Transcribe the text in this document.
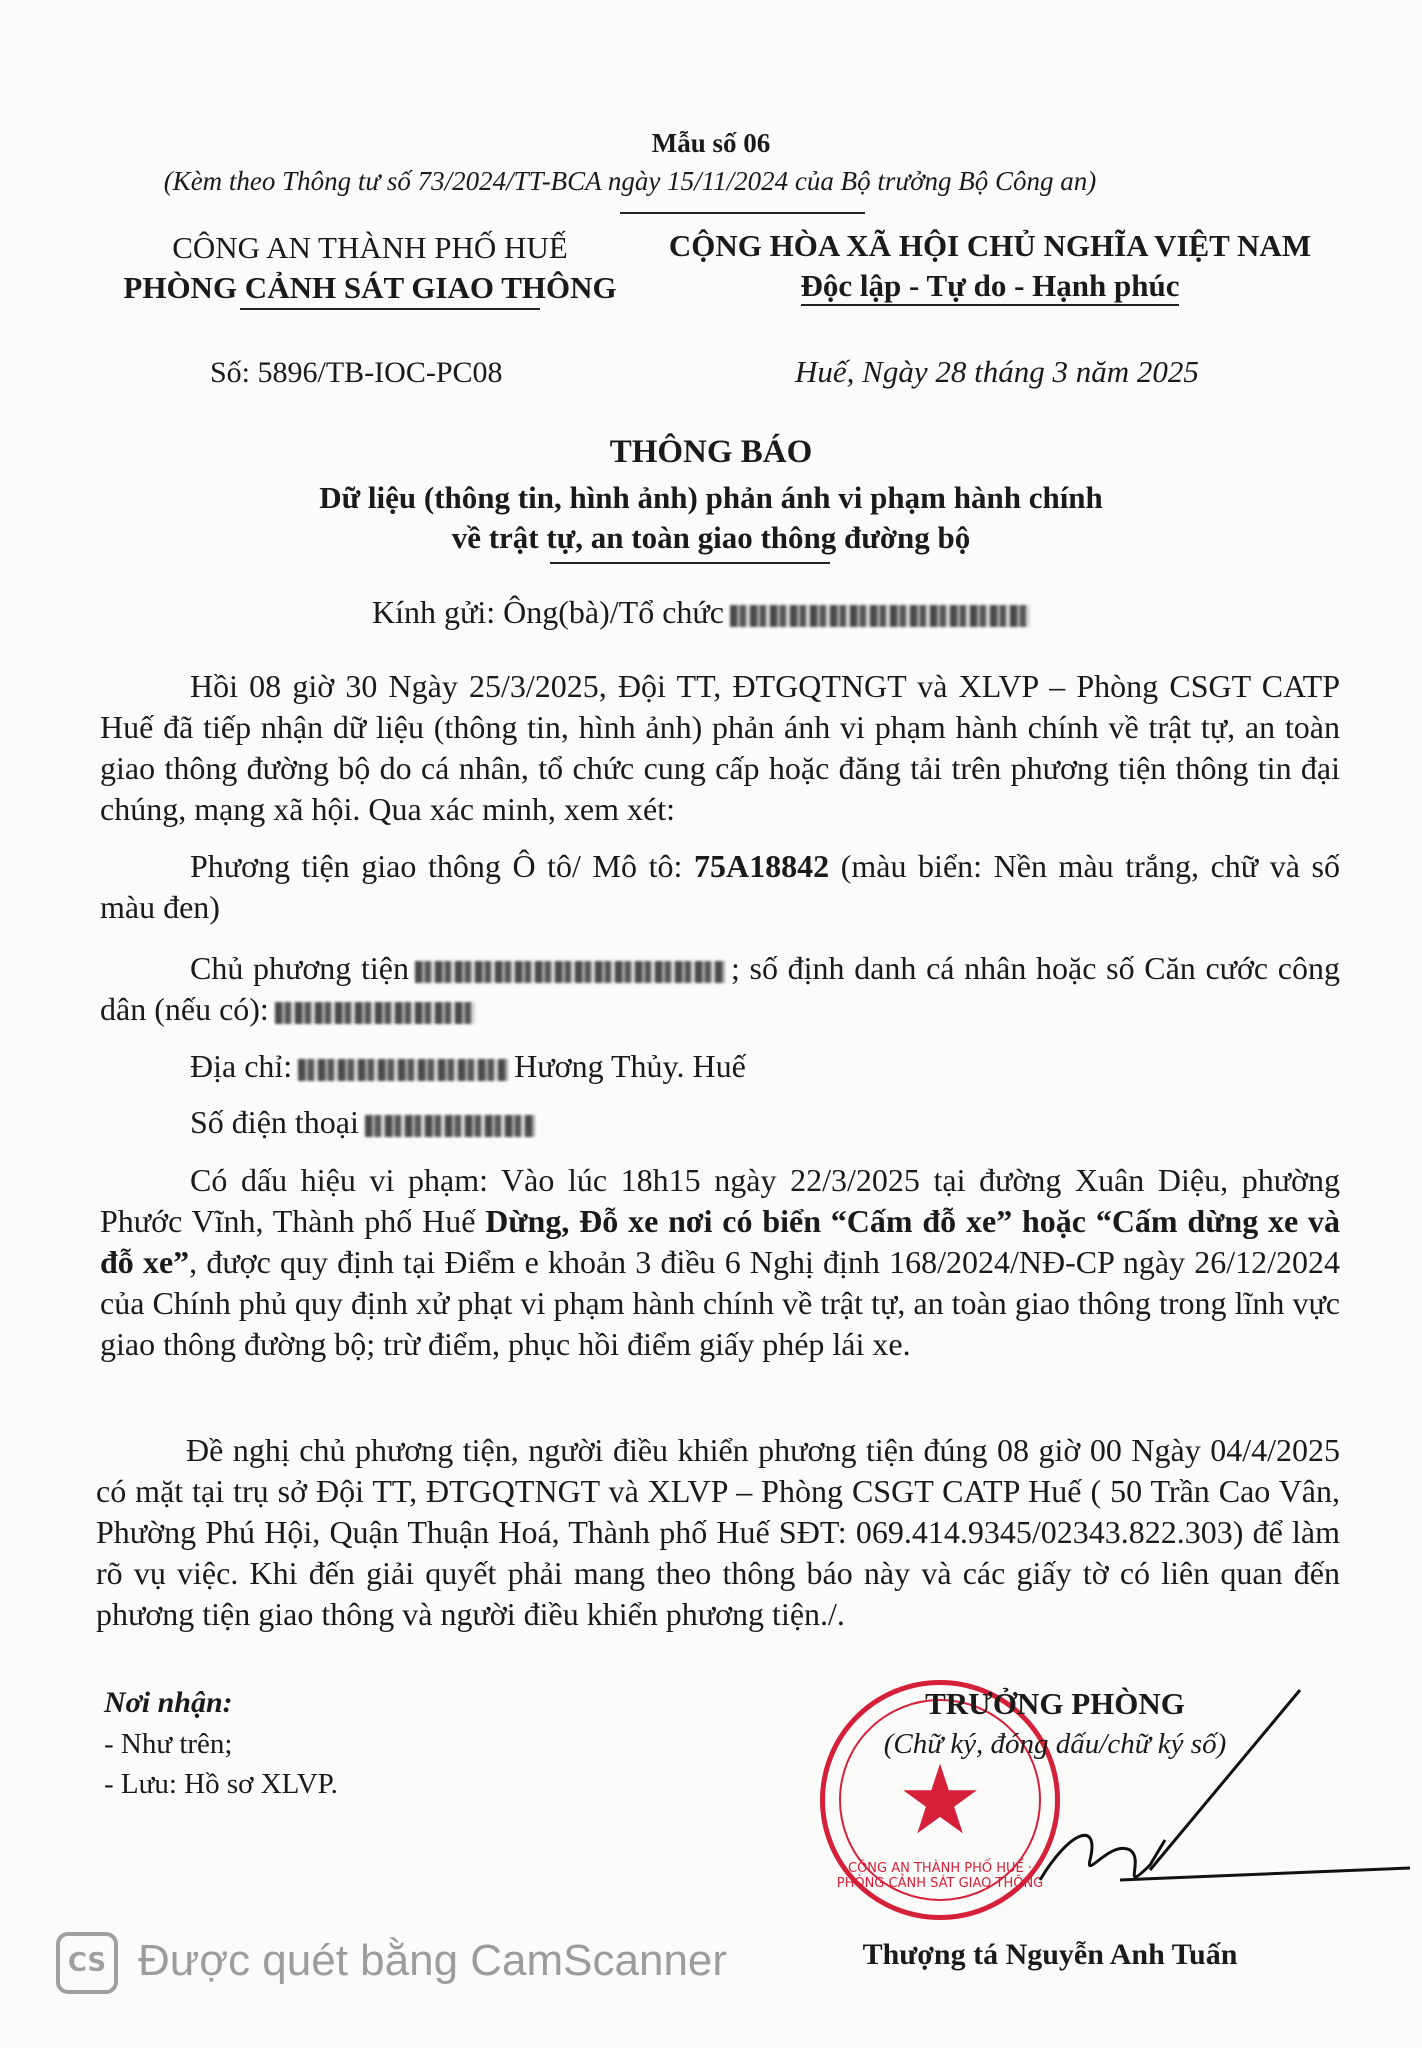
Mẫu số 06
(Kèm theo Thông tư số 73/2024/TT-BCA ngày 15/11/2024 của Bộ trưởng Bộ Công an)
CÔNG AN THÀNH PHỐ HUẾ
PHÒNG CẢNH SÁT GIAO THÔNG
CỘNG HÒA XÃ HỘI CHỦ NGHĨA VIỆT NAM
Độc lập - Tự do - Hạnh phúc
Số: 5896/TB-IOC-PC08	Huế, Ngày 28 tháng 3 năm 2025
THÔNG BÁO
Dữ liệu (thông tin, hình ảnh) phản ánh vi phạm hành chính
về trật tự, an toàn giao thông đường bộ
Kính gửi: Ông(bà)/Tổ chức
Hồi 08 giờ 30 Ngày 25/3/2025, Đội TT, ĐTGQTNGT và XLVP – Phòng CSGT CATP Huế đã tiếp nhận dữ liệu (thông tin, hình ảnh) phản ánh vi phạm hành chính về trật tự, an toàn giao thông đường bộ do cá nhân, tổ chức cung cấp hoặc đăng tải trên phương tiện thông tin đại chúng, mạng xã hội. Qua xác minh, xem xét:
Phương tiện giao thông Ô tô/ Mô tô: 75A18842 (màu biển: Nền màu trắng, chữ và số màu đen)
Chủ phương tiện	; số định danh cá nhân hoặc số Căn cước công dân (nếu có):
Địa chỉ:	Hương Thủy. Huế
Số điện thoại
Có dấu hiệu vi phạm: Vào lúc 18h15 ngày 22/3/2025 tại đường Xuân Diệu, phường Phước Vĩnh, Thành phố Huế Dừng, Đỗ xe nơi có biển “Cấm đỗ xe” hoặc “Cấm dừng xe và đỗ xe”, được quy định tại Điểm e khoản 3 điều 6 Nghị định 168/2024/NĐ-CP ngày 26/12/2024 của Chính phủ quy định xử phạt vi phạm hành chính về trật tự, an toàn giao thông trong lĩnh vực giao thông đường bộ; trừ điểm, phục hồi điểm giấy phép lái xe.
Đề nghị chủ phương tiện, người điều khiển phương tiện đúng 08 giờ 00 Ngày 04/4/2025 có mặt tại trụ sở Đội TT, ĐTGQTNGT và XLVP – Phòng CSGT CATP Huế ( 50 Trần Cao Vân, Phường Phú Hội, Quận Thuận Hoá, Thành phố Huế SĐT: 069.414.9345/02343.822.303) để làm rõ vụ việc. Khi đến giải quyết phải mang theo thông báo này và các giấy tờ có liên quan đến phương tiện giao thông và người điều khiển phương tiện./.
Nơi nhận:
- Như trên;
- Lưu: Hồ sơ XLVP.	★
CÔNG AN THÀNH PHỐ HUẾ · PHÒNG CẢNH SÁT GIAO THÔNG
TRƯỞNG PHÒNG
(Chữ ký, đóng dấu/chữ ký số)
Thượng tá Nguyễn Anh Tuấn
CS Được quét bằng CamScanner
